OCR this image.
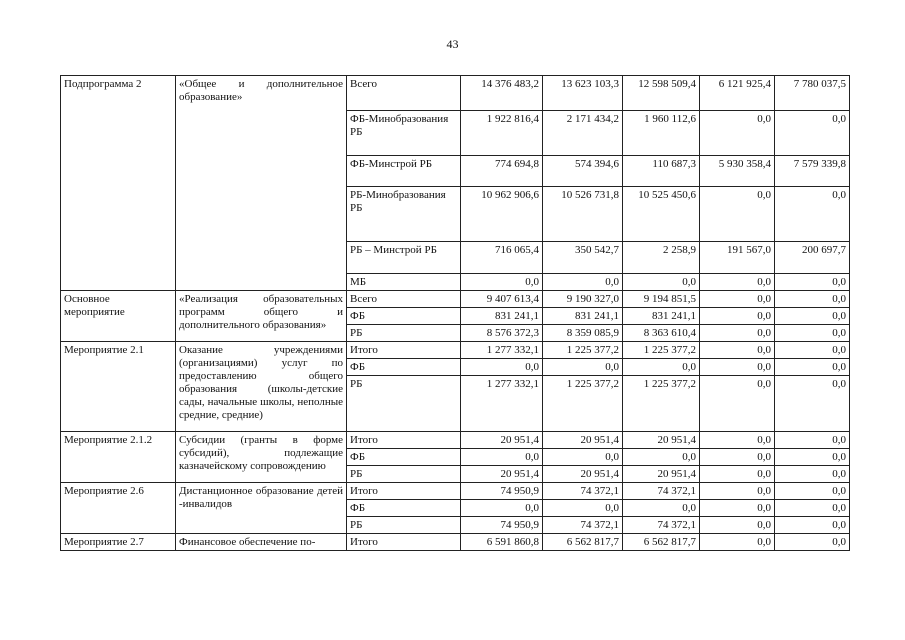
43
Подпрограмма 2	«Общее и дополнительное образование»	Всего	14 376 483,2	13 623 103,3	12 598 509,4	6 121 925,4	7 780 037,5
		ФБ-Минобразования РБ	1 922 816,4	2 171 434,2	1 960 112,6	0,0	0,0
		ФБ-Минстрой РБ	774 694,8	574 394,6	110 687,3	5 930 358,4	7 579 339,8
		РБ-Минобразования РБ	10 962 906,6	10 526 731,8	10 525 450,6	0,0	0,0
		РБ – Минстрой РБ	716 065,4	350 542,7	2 258,9	191 567,0	200 697,7
		МБ	0,0	0,0	0,0	0,0	0,0
Основное мероприятие	«Реализация образовательных программ общего и дополнительного образования»	Всего	9 407 613,4	9 190 327,0	9 194 851,5	0,0	0,0
		ФБ	831 241,1	831 241,1	831 241,1	0,0	0,0
		РБ	8 576 372,3	8 359 085,9	8 363 610,4	0,0	0,0
Мероприятие 2.1	Оказание учреждениями (организациями) услуг по предоставлению общего образования (школы-детские сады, начальные школы, неполные средние, средние)	Итого	1 277 332,1	1 225 377,2	1 225 377,2	0,0	0,0
		ФБ	0,0	0,0	0,0	0,0	0,0
		РБ	1 277 332,1	1 225 377,2	1 225 377,2	0,0	0,0
Мероприятие 2.1.2	Субсидии (гранты в форме субсидий), подлежащие казначейскому сопровождению	Итого	20 951,4	20 951,4	20 951,4	0,0	0,0
		ФБ	0,0	0,0	0,0	0,0	0,0
		РБ	20 951,4	20 951,4	20 951,4	0,0	0,0
Мероприятие 2.6	Дистанционное образование детей -инвалидов	Итого	74 950,9	74 372,1	74 372,1	0,0	0,0
		ФБ	0,0	0,0	0,0	0,0	0,0
		РБ	74 950,9	74 372,1	74 372,1	0,0	0,0
Мероприятие 2.7	Финансовое обеспечение по-	Итого	6 591 860,8	6 562 817,7	6 562 817,7	0,0	0,0
